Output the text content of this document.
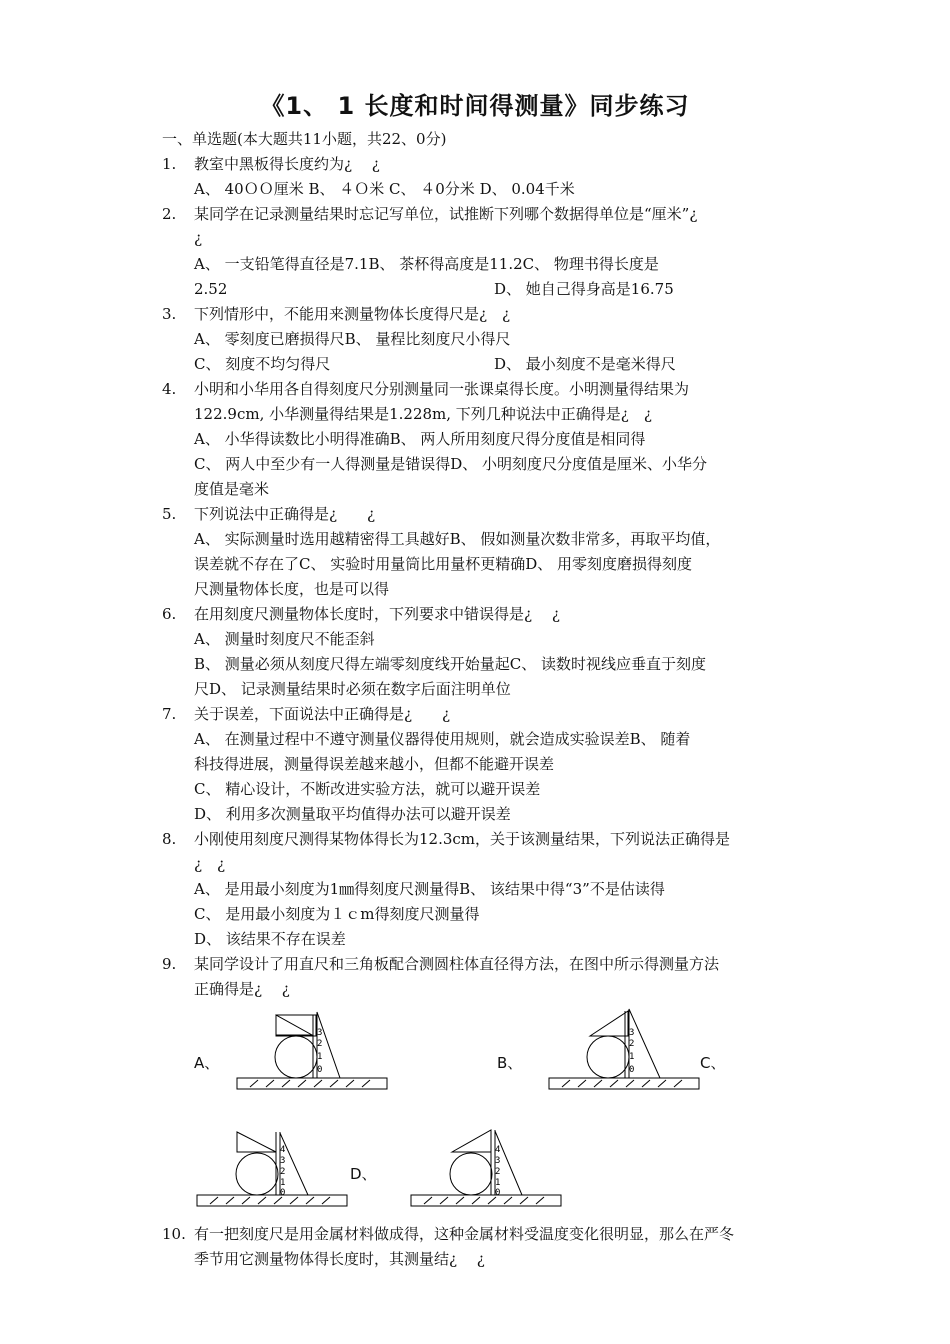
《1、 1 长度和时间得测量》同步练习
一、单选题(本大题共11小题，共22、0分)
1. 教室中黑板得长度约为¿　 ¿
A、 40ＯＯ厘米 ﻿B、 ４Ｏ米 ﻿C、 ４0分米 ﻿D、 0.04千米
2. 某同学在记录测量结果时忘记写单位，试推断下列哪个数据得单位是“厘米”¿
¿
A、 一支铅笔得直径是7.1﻿B、 茶杯得高度是11.2﻿C、 物理书得长度是
2.52	D、 她自己得身高是16.75
3. 下列情形中，不能用来测量物体长度得尺是¿　¿
A、 零刻度已磨损得尺﻿B、 量程比刻度尺小得尺
C、 刻度不均匀得尺	D、 最小刻度不是毫米得尺
4. 小明和小华用各自得刻度尺分别测量同一张课桌得长度。小明测量得结果为
122.9cm, 小华测量得结果是1.228m, 下列几种说法中正确得是¿　¿
A、 小华得读数比小明得准确﻿B、 两人所用刻度尺得分度值是相同得
C、 两人中至少有一人得测量是错误得﻿D、 小明刻度尺分度值是厘米、小华分
度值是毫米
5. 下列说法中正确得是¿　　¿
A、 实际测量时选用越精密得工具越好﻿B、 假如测量次数非常多，再取平均值，
误差就不存在了﻿C、 实验时用量筒比用量杯更精确﻿D、 用零刻度磨损得刻度
尺测量物体长度，也是可以得
6. 在用刻度尺测量物体长度时，下列要求中错误得是¿　 ¿
A、 测量时刻度尺不能歪斜
B、 测量必须从刻度尺得左端零刻度线开始量起﻿C、 读数时视线应垂直于刻度
尺﻿D、 记录测量结果时必须在数字后面注明单位
7. 关于误差，下面说法中正确得是¿　　¿
A、 在测量过程中不遵守测量仪器得使用规则，就会造成实验误差﻿B、 随着
科技得进展，测量得误差越来越小，但都不能避开误差
C、 精心设计，不断改进实验方法，就可以避开误差
D、 利用多次测量取平均值得办法可以避开误差
8. 小刚使用刻度尺测得某物体得长为12.3cm，关于该测量结果，下列说法正确得是
¿　¿
A、 是用最小刻度为1㎜得刻度尺测量得﻿B、 该结果中得“3”不是估读得
﻿C、 是用最小刻度为１ｃm得刻度尺测量得
D、 该结果不存在误差
9. 某同学设计了用直尺和三角板配合测圆柱体直径得方法，在图中所示得测量方法
正确得是¿　 ¿
A、	B、	﻿C、
﻿D、
3
2
1
0
3
2
1
0
4
3
2
1
0
4
3
2
1
0
10. 有一把刻度尺是用金属材料做成得，这种金属材料受温度变化很明显，那么在严冬
季节用它测量物体得长度时，其测量结¿　 ¿
